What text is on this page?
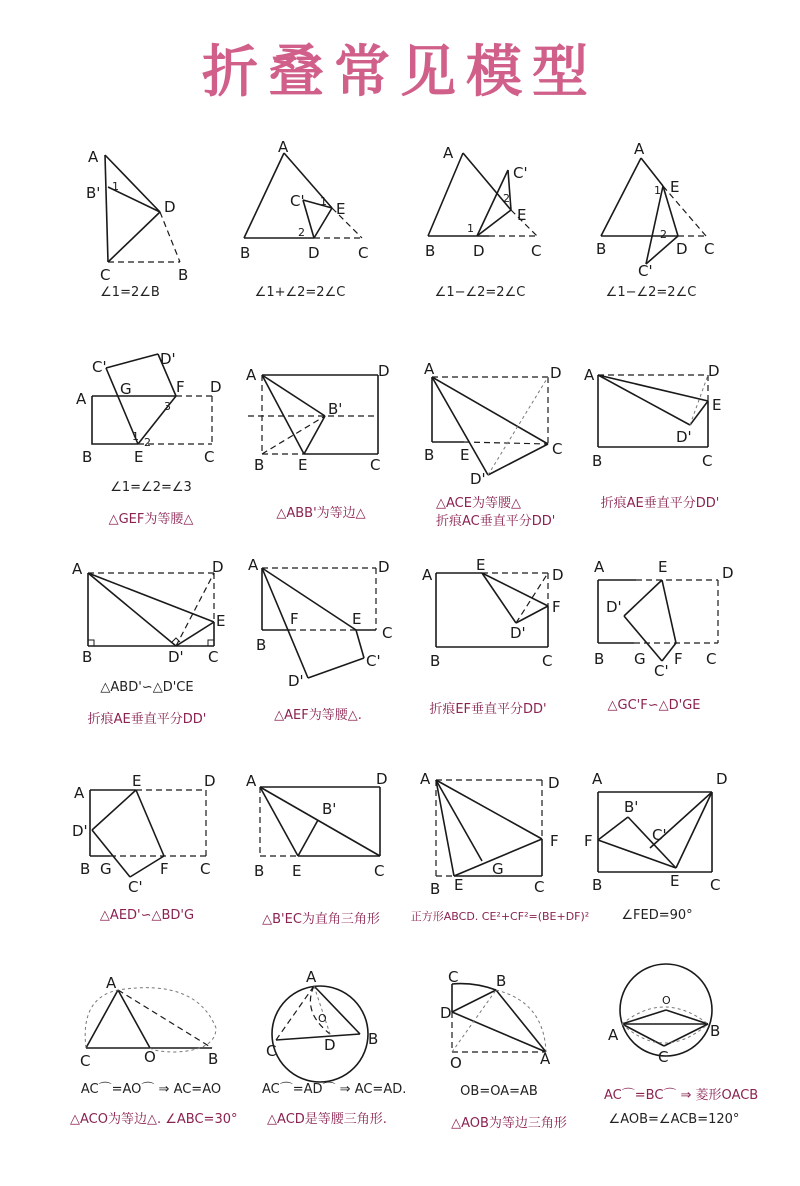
折叠常见模型
A
B' 1
D
C	B
∠1=2∠B
A
C' 1 E
2
B	D	C
∠1+∠2=2∠C
A
C'
2
E
1
B	D	C
∠1−∠2=2∠C
A
1 E
2
B	D C
C'
∠1−∠2=2∠C
C'	D'
G	F D
A	3
1 2
B	E	C
∠1=∠2=∠3
△GEF为等腰△
A	D
B'
B E	C
△ABB'为等边△
A	D
B E	C
D'
△ACE为等腰△
折痕AC垂直平分DD'
A	D
E
D'
B	C
折痕AE垂直平分DD'
A	D
E
B	D' C
△ABD'∽△D'CE
折痕AE垂直平分DD'
A	D
B
F	E
C
C'
D'
△AEF为等腰△.
A
E
D
F
D'
B	C
折痕EF垂直平分DD'
A	E	D
D'
B G F C
C'
△GC'F∽△D'GE
A
E	D
D'
B G	F C
C'
△AED'∽△BD'G
A	D
B'
B E	C
△B'EC为直角三角形
A	D
F
B E
G
C
正方形ABCD. CE²+CF²=(BE+DF)²
A	D
B'
F	C'
B	E C
∠FED=90°
A
C	O	B
AC⌒=AO⌒ ⇒ AC=AO
△ACO为等边△. ∠ABC=30°
A
O
C	D B
AC⌒=AD⌒ ⇒ AC=AD.
△ACD是等腰三角形.
C	B
D
O	A
OB=OA=AB
△AOB为等边三角形
O
A	B
C
AC⌒=BC⌒ ⇒ 菱形OACB
∠AOB=∠ACB=120°
